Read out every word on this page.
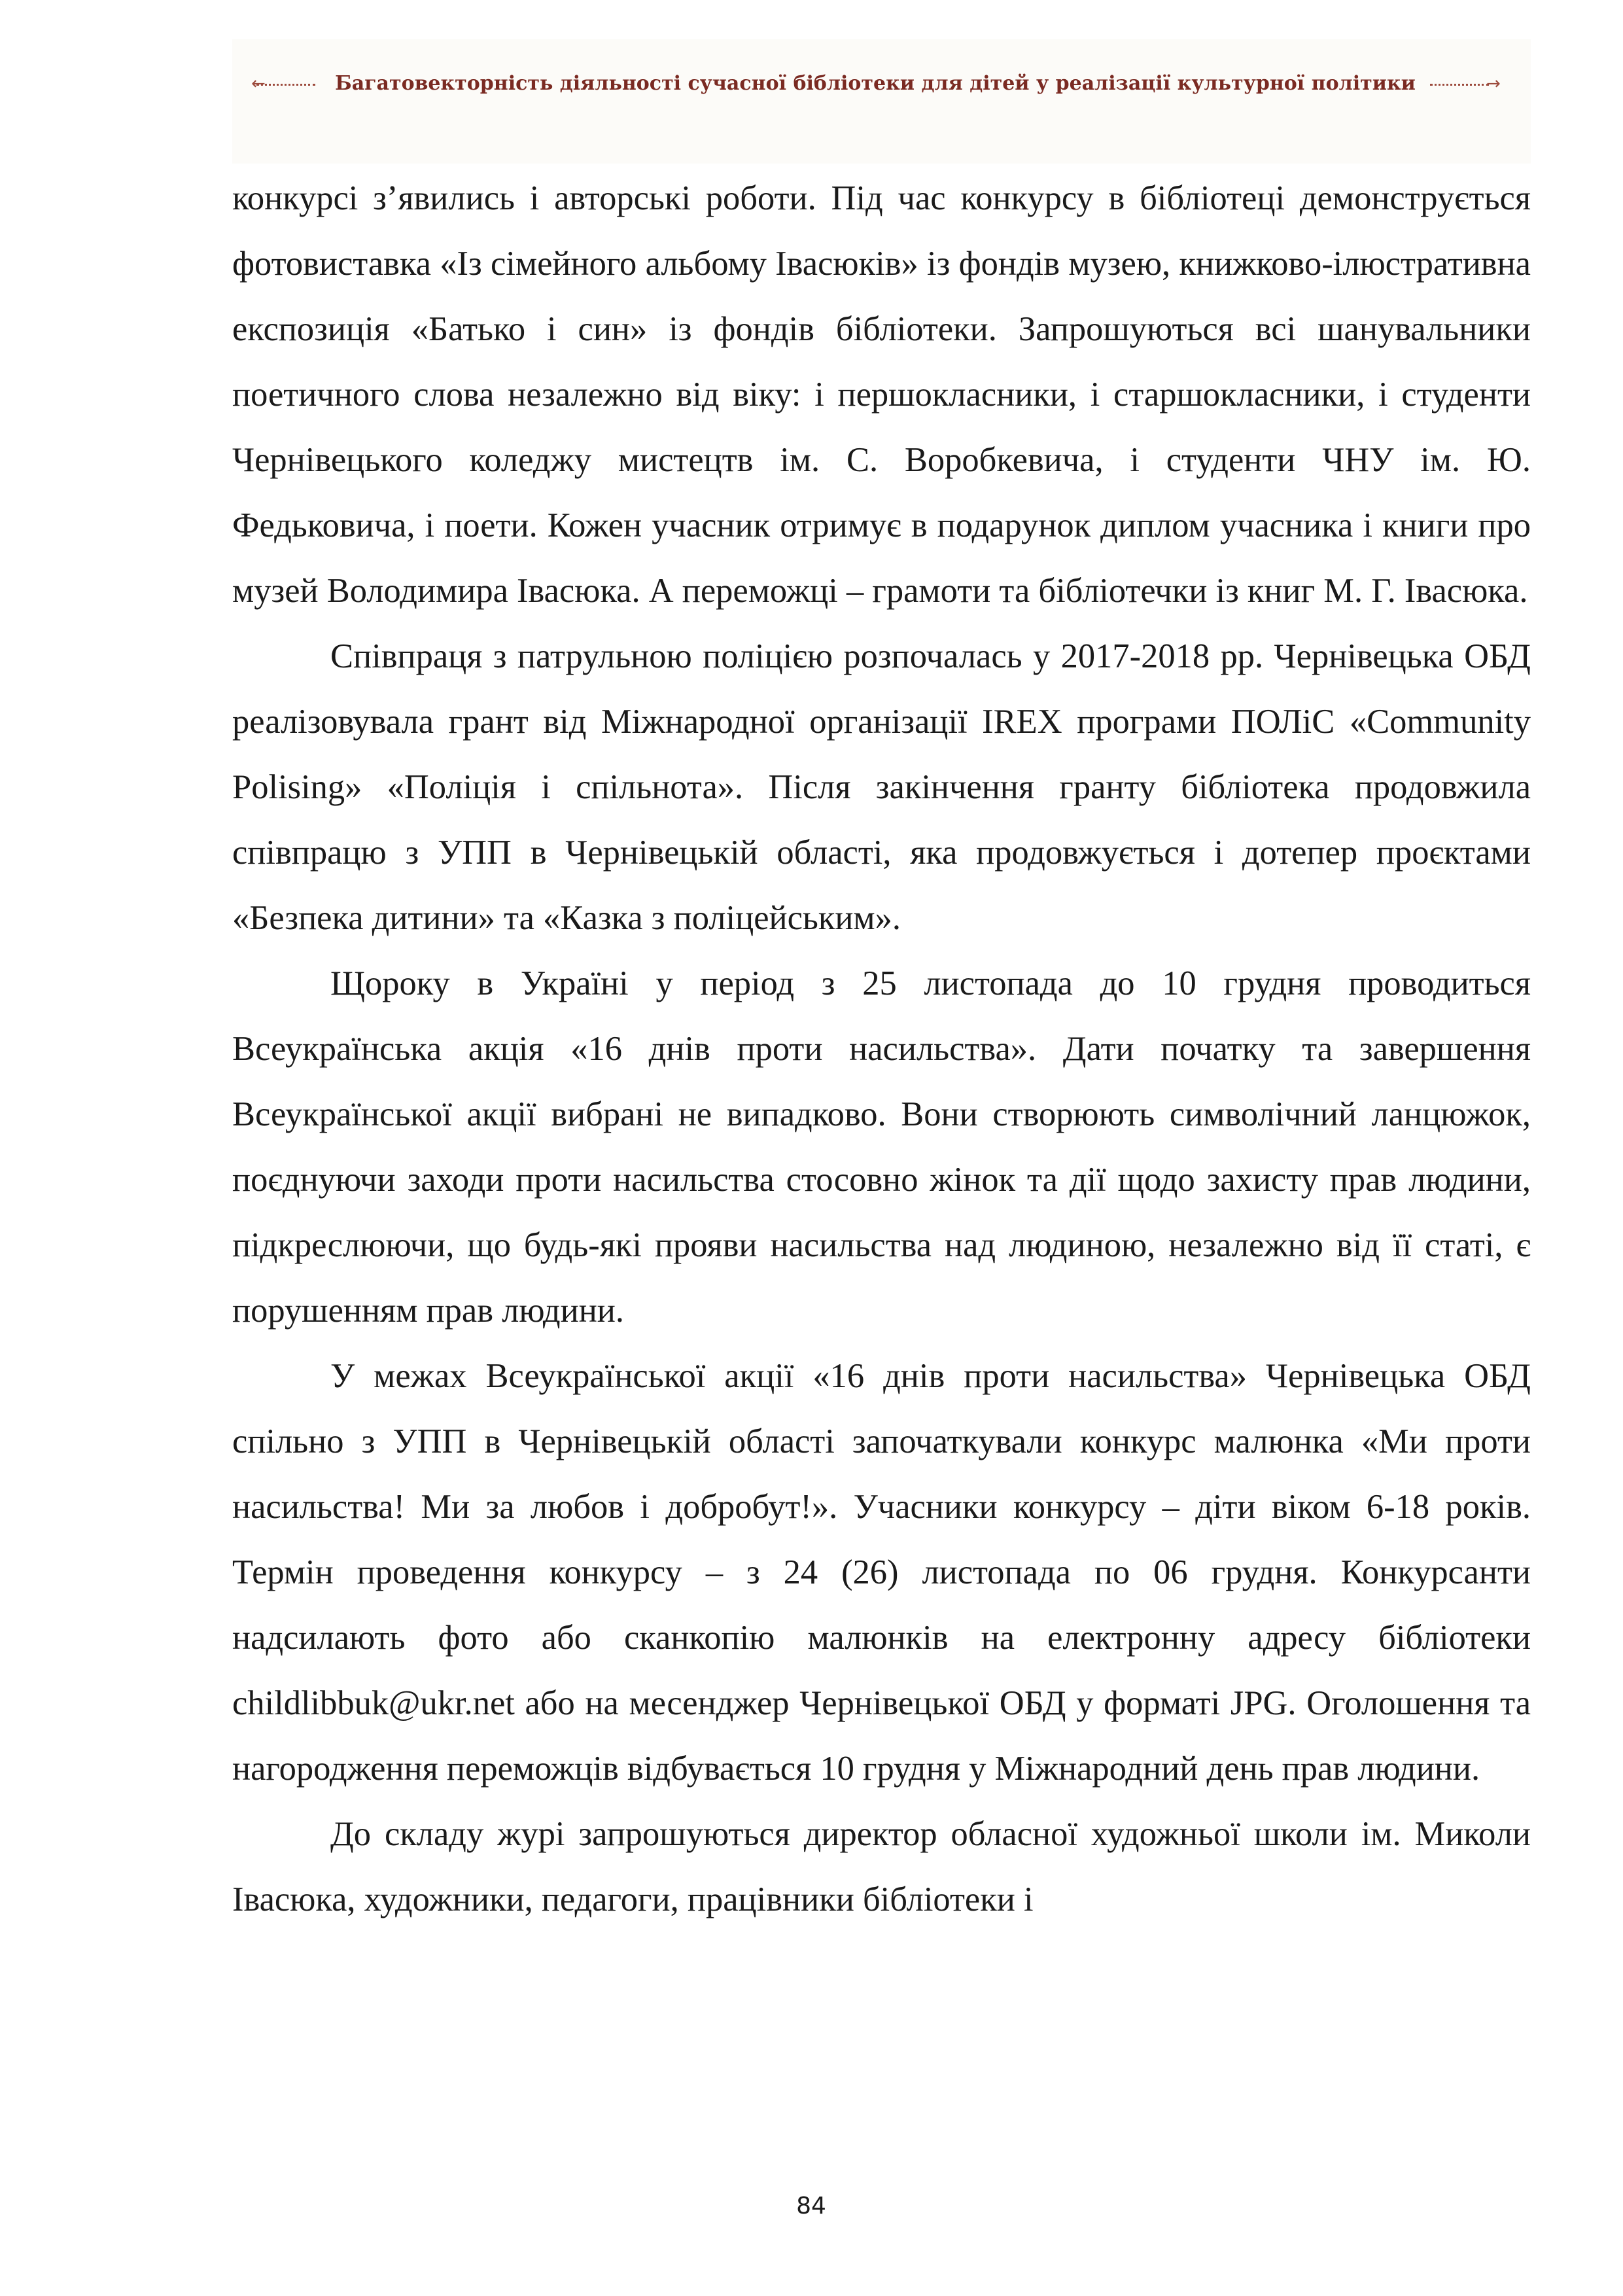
←	Багатовекторність діяльності сучасної бібліотеки для дітей у реалізації культурної політики	→

конкурсі з’явились і авторські роботи. Під час конкурсу в бібліотеці демонструється фотовиставка «Із сімейного альбому Івасюків» із фондів музею, книжково-ілюстративна експозиція «Батько і син» із фондів бібліотеки. Запрошуються всі шанувальники поетичного слова незалежно від віку: і першокласники, і старшокласники, і студенти Чернівецького коледжу мистецтв ім. С. Воробкевича, і студенти ЧНУ ім. Ю. Федьковича, і поети. Кожен учасник отримує в подарунок диплом учасника і книги про музей Володимира Івасюка. А переможці – грамоти та бібліотечки із книг М. Г. Івасюка.

Співпраця з патрульною поліцією розпочалась у 2017-2018 рр. Чернівецька ОБД реалізовувала грант від Міжнародної організації IREX програми ПОЛіС «Community Polising» «Поліція і спільнота». Після закінчення гранту бібліотека продовжила співпрацю з УПП в Чернівецькій області, яка продовжується і дотепер проєктами «Безпека дитини» та «Казка з поліцейським».

Щороку в Україні у період з 25 листопада до 10 грудня проводиться Всеукраїнська акція «16 днів проти насильства». Дати початку та завершення Всеукраїнської акції вибрані не випадково. Вони створюють символічний ланцюжок, поєднуючи заходи проти насильства стосовно жінок та дії щодо захисту прав людини, підкреслюючи, що будь-які прояви насильства над людиною, незалежно від її статі, є порушенням прав людини.

У межах Всеукраїнської акції «16 днів проти насильства» Чернівецька ОБД спільно з УПП в Чернівецькій області започаткували конкурс малюнка «Ми проти насильства! Ми за любов і добробут!». Учасники конкурсу – діти віком 6-18 років. Термін проведення конкурсу – з 24 (26) листопада по 06 грудня. Конкурсанти надсилають фото або сканкопію малюнків на електронну адресу бібліотеки childlibbuk@ukr.net або на месенджер Чернівецької ОБД у форматі JPG. Оголошення та нагородження переможців відбувається 10 грудня у Міжнародний день прав людини.

До складу журі запрошуються директор обласної художньої школи ім. Миколи Івасюка, художники, педагоги, працівники бібліотеки і

84
